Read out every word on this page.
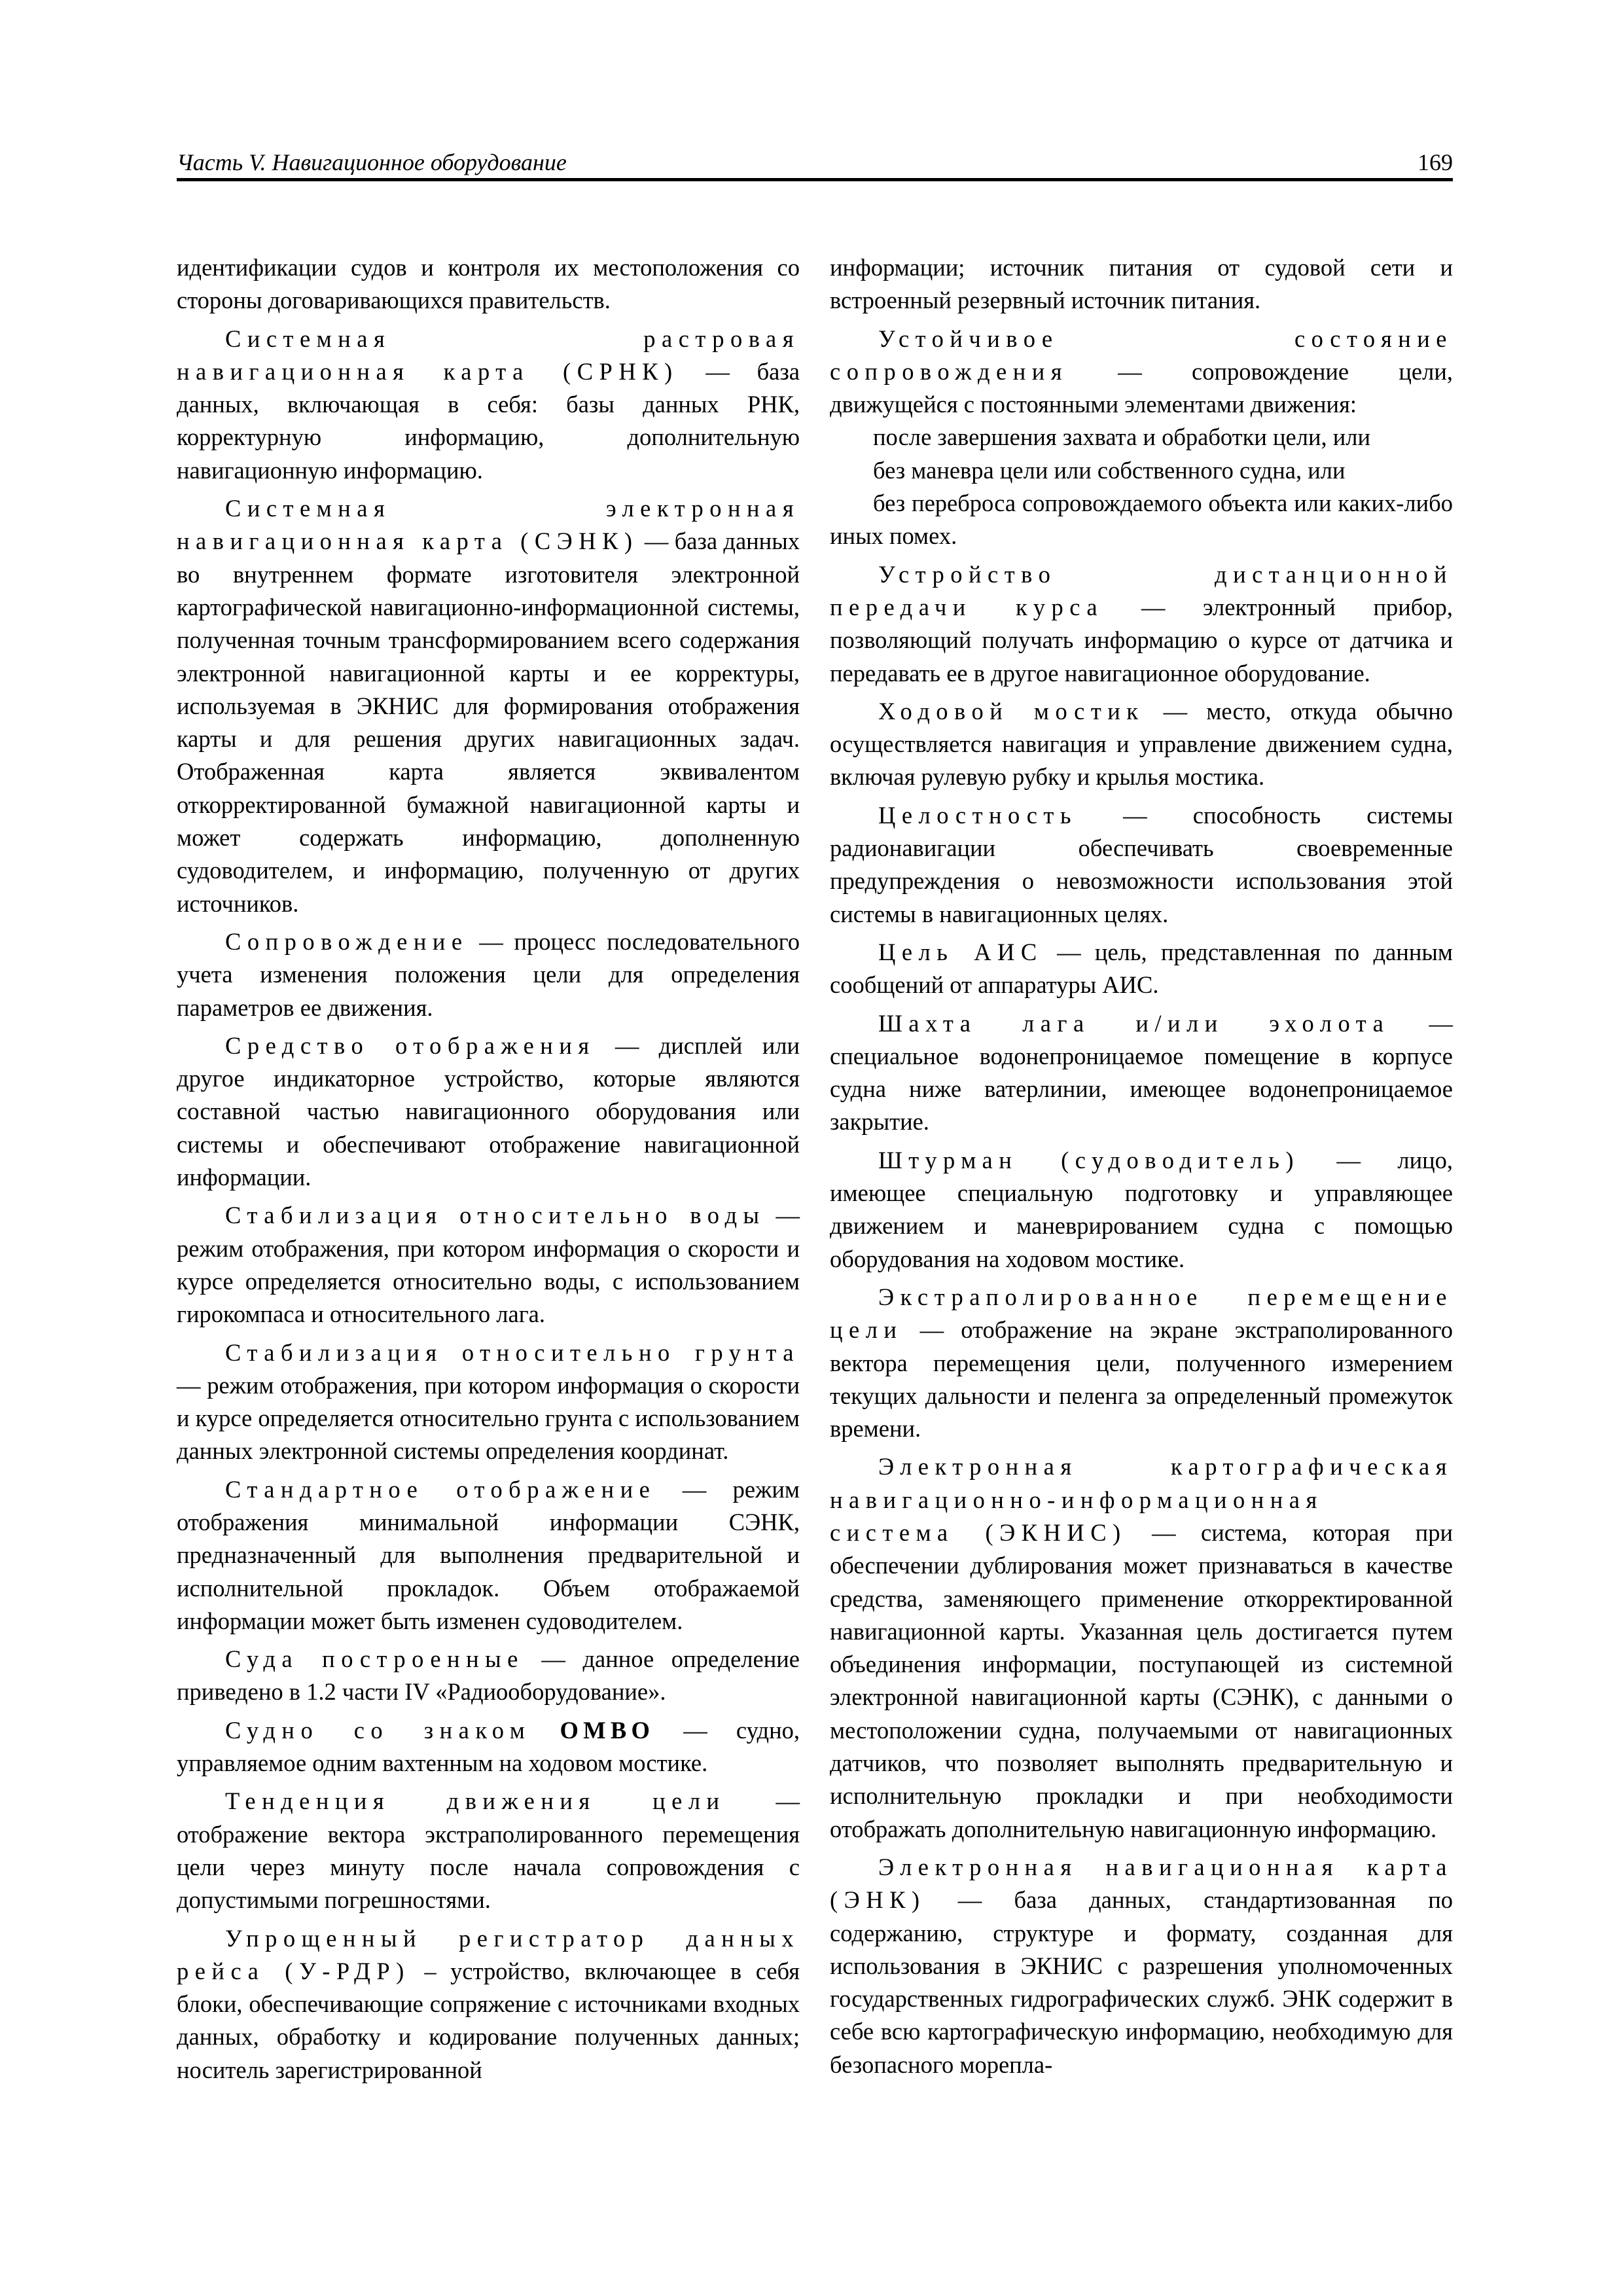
Часть V. Навигационное оборудование	169

идентификации судов и контроля их местоположения со стороны договаривающихся правительств.

Системная растровая навигационная карта (СРНК) — база данных, включающая в себя: базы данных РНК, корректурную информацию, дополнительную навигационную информацию.

Системная электронная навигационная карта (СЭНК) — база данных во внутреннем формате изготовителя электронной картографической навигационно-информационной системы, полученная точным трансформированием всего содержания электронной навигационной карты и ее корректуры, используемая в ЭКНИС для формирования отображения карты и для решения других навигационных задач. Отображенная карта является эквивалентом откорректированной бумажной навигационной карты и может содержать информацию, дополненную судоводителем, и информацию, полученную от других источников.

Сопровождение — процесс последовательного учета изменения положения цели для определения параметров ее движения.

Средство отображения — дисплей или другое индикаторное устройство, которые являются составной частью навигационного оборудования или системы и обеспечивают отображение навигационной информации.

Стабилизация относительно воды — режим отображения, при котором информация о скорости и курсе определяется относительно воды, с использованием гирокомпаса и относительного лага.

Стабилизация относительно грунта — режим отображения, при котором информация о скорости и курсе определяется относительно грунта с использованием данных электронной системы определения координат.

Стандартное отображение — режим отображения минимальной информации СЭНК, предназначенный для выполнения предварительной и исполнительной прокладок. Объем отображаемой информации может быть изменен судоводителем.

Суда построенные — данное определение приведено в 1.2 части IV «Радиооборудование».

Судно со знаком ОМВО — судно, управляемое одним вахтенным на ходовом мостике.

Тенденция движения цели — отображение вектора экстраполированного перемещения цели через минуту после начала сопровождения с допустимыми погрешностями.

Упрощенный регистратор данных рейса (У-РДР) – устройство, включающее в себя блоки, обеспечивающие сопряжение с источниками входных данных, обработку и кодирование полученных данных; носитель зарегистрированной

информации; источник питания от судовой сети и встроенный резервный источник питания.

Устойчивое состояние сопровождения — сопровождение цели, движущейся с постоянными элементами движения:

после завершения захвата и обработки цели, или

без маневра цели или собственного судна, или

без переброса сопровождаемого объекта или каких-либо иных помех.

Устройство дистанционной передачи курса — электронный прибор, позволяющий получать информацию о курсе от датчика и передавать ее в другое навигационное оборудование.

Ходовой мостик — место, откуда обычно осуществляется навигация и управление движением судна, включая рулевую рубку и крылья мостика.

Целостность — способность системы радионавигации обеспечивать своевременные предупреждения о невозможности использования этой системы в навигационных целях.

Цель АИС — цель, представленная по данным сообщений от аппаратуры АИС.

Шахта лага и/или эхолота — специальное водонепроницаемое помещение в корпусе судна ниже ватерлинии, имеющее водонепроницаемое закрытие.

Штурман (судоводитель) — лицо, имеющее специальную подготовку и управляющее движением и маневрированием судна с помощью оборудования на ходовом мостике.

Экстраполированное перемещение цели — отображение на экране экстраполированного вектора перемещения цели, полученного измерением текущих дальности и пеленга за определенный промежуток времени.

Электронная картографическая навигационно-информационная система (ЭКНИС) — система, которая при обеспечении дублирования может признаваться в качестве средства, заменяющего применение откорректированной навигационной карты. Указанная цель достигается путем объединения информации, поступающей из системной электронной навигационной карты (СЭНК), с данными о местоположении судна, получаемыми от навигационных датчиков, что позволяет выполнять предварительную и исполнительную прокладки и при необходимости отображать дополнительную навигационную информацию.

Электронная навигационная карта (ЭНК) — база данных, стандартизованная по содержанию, структуре и формату, созданная для использования в ЭКНИС с разрешения уполномоченных государственных гидрографических служб. ЭНК содержит в себе всю картографическую информацию, необходимую для безопасного морепла-
